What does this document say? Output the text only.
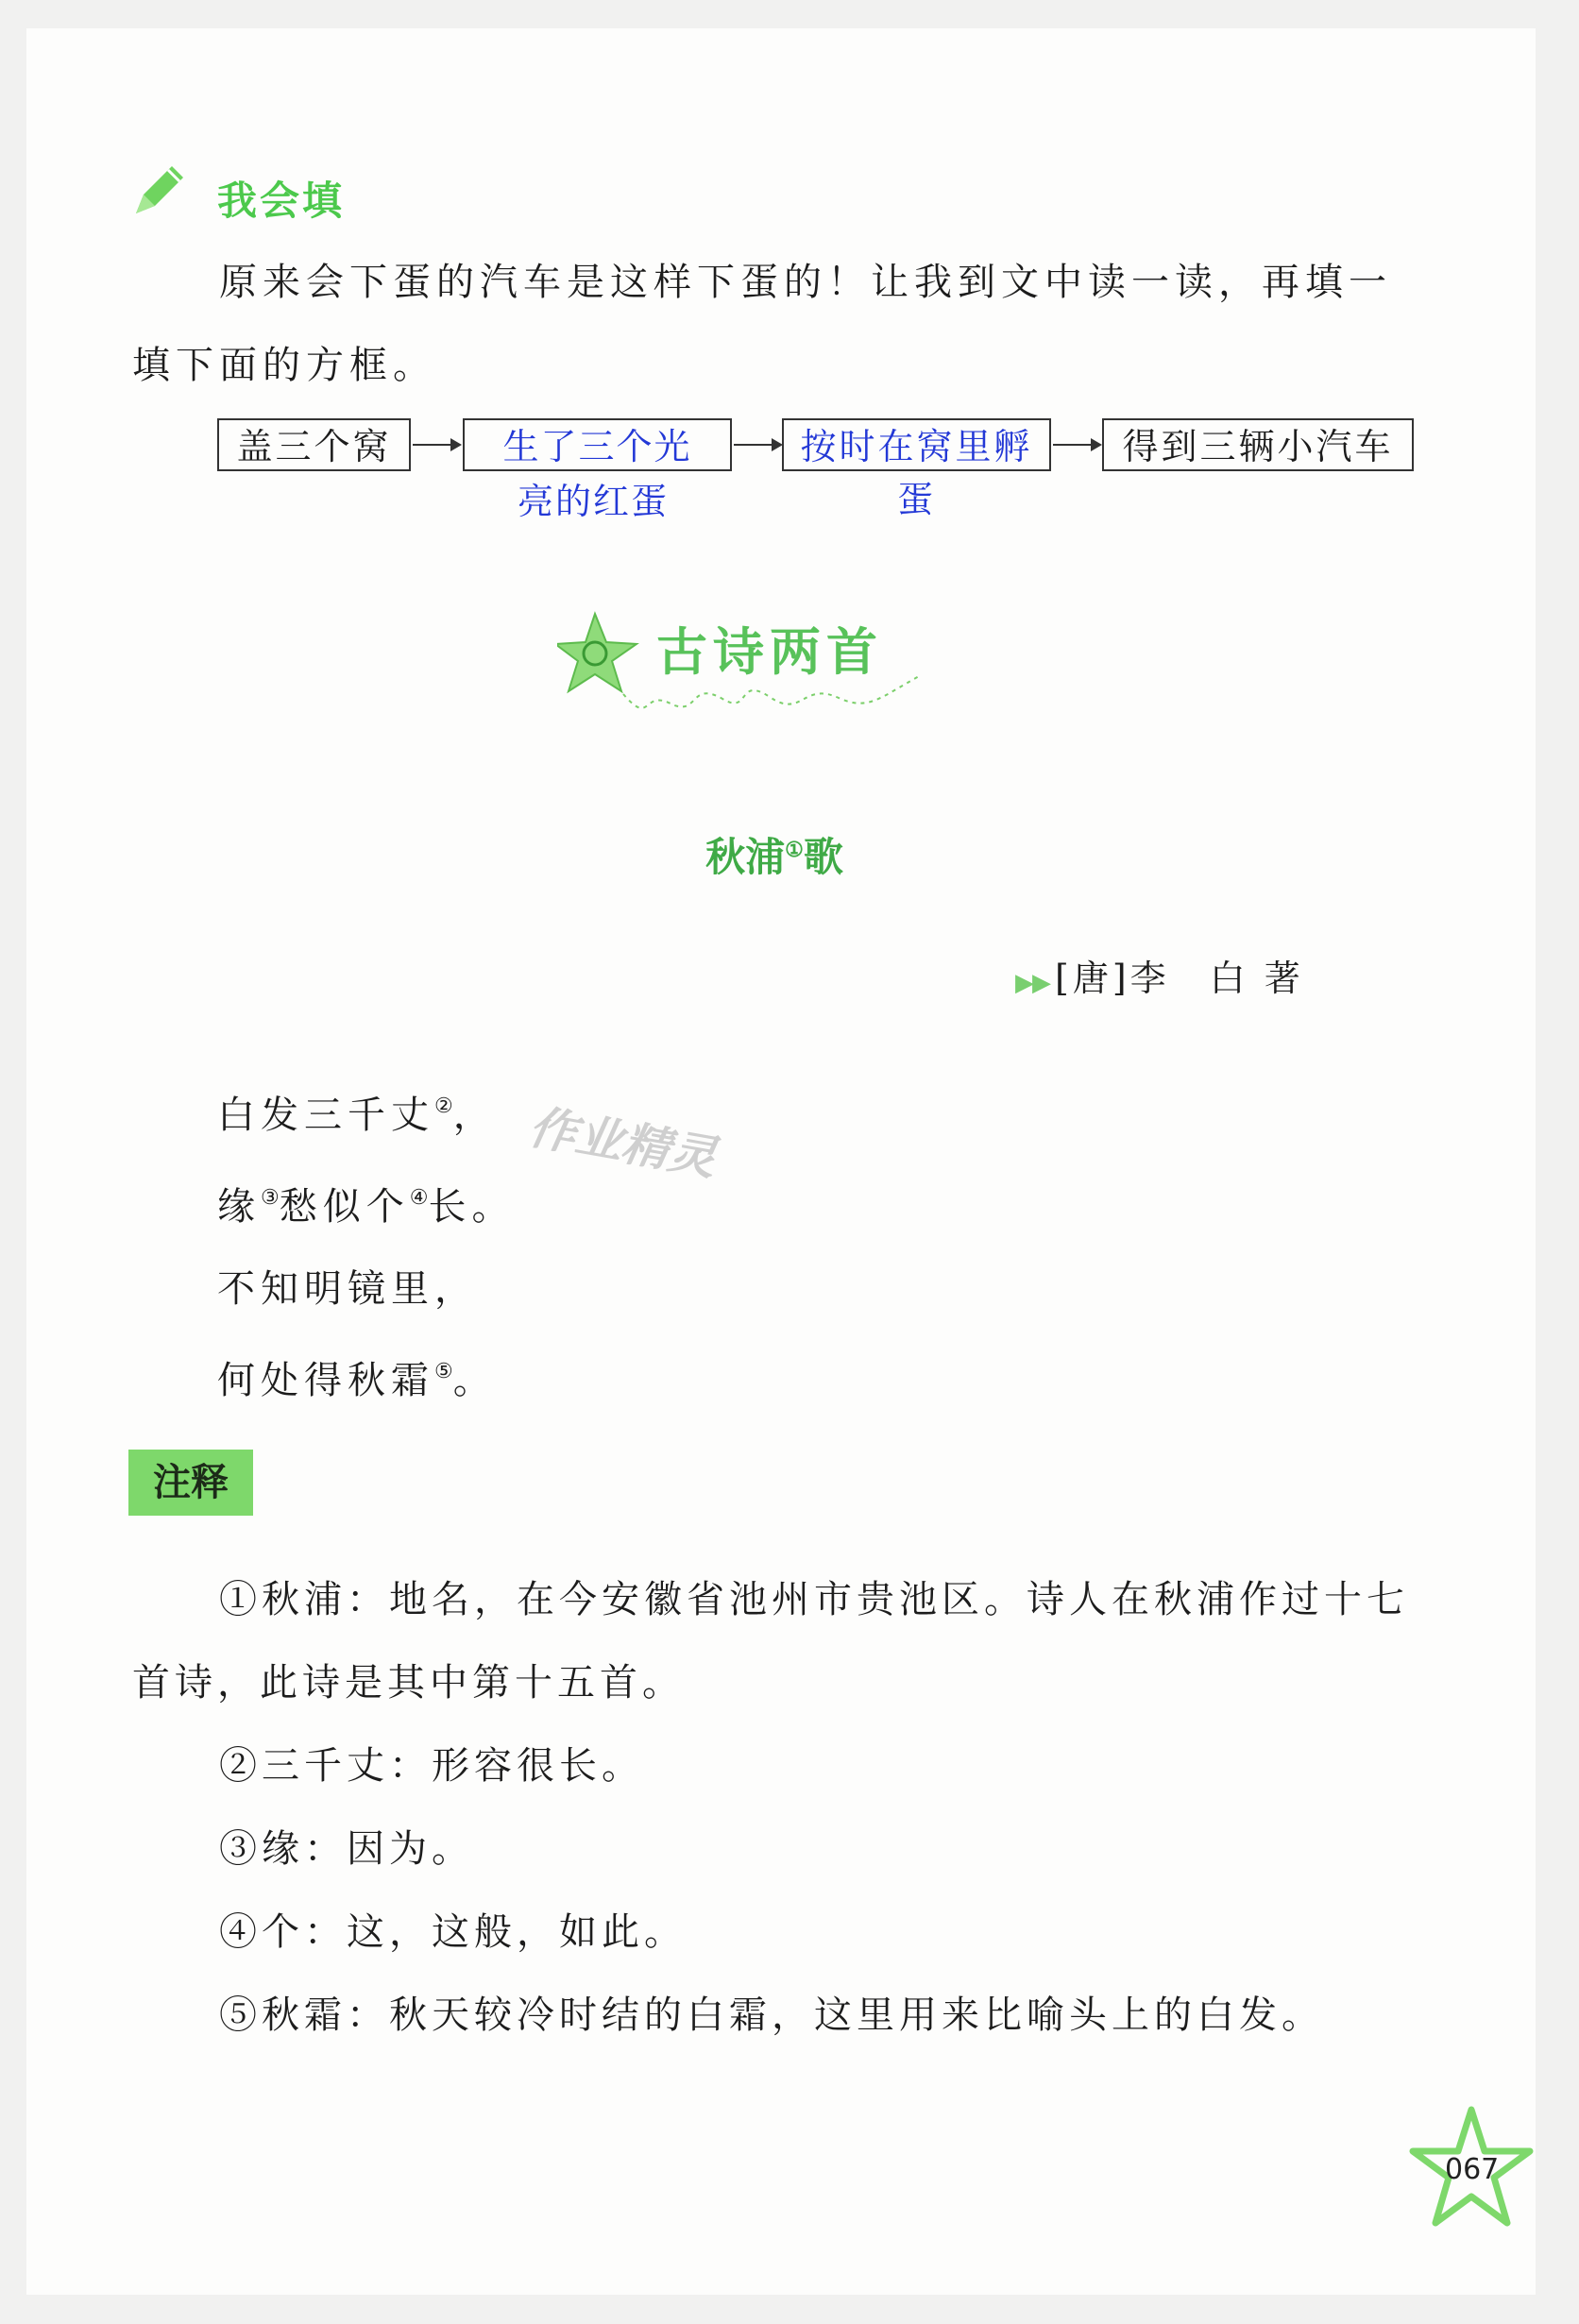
我会填
原来会下蛋的汽车是这样下蛋的！让我到文中读一读，再填一填下面的方框。
盖三个窝	生了三个光
亮的红蛋
按时在窝里孵蛋
得到三辆小汽车
古诗两首
秋浦①歌
▶▶ [唐]李　白 著
白发三千丈②，
缘③愁似个④长。
不知明镜里，
何处得秋霜⑤。
作业精灵
注释
①秋浦：地名，在今安徽省池州市贵池区。诗人在秋浦作过十七首诗，此诗是其中第十五首。
②三千丈：形容很长。
③缘：因为。
④个：这，这般，如此。
⑤秋霜：秋天较冷时结的白霜，这里用来比喻头上的白发。
067
